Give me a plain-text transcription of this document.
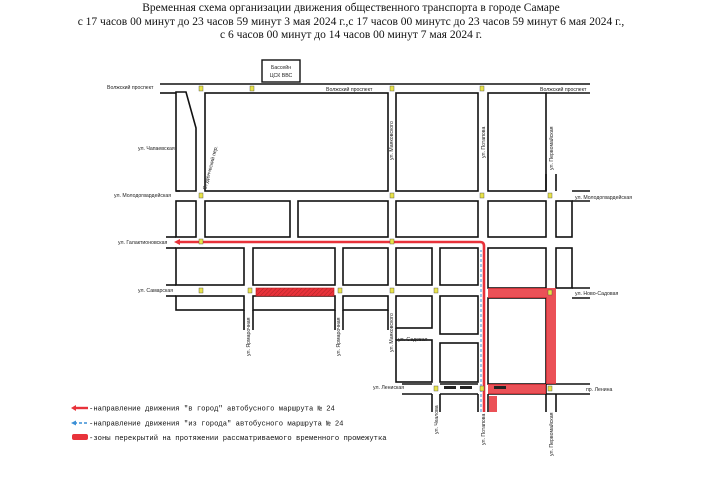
Временная схема организации движения общественного транспорта в городе Самаре
с 17 часов 00 минут до 23 часов 59 минут 3 мая 2024 г.,с 17 часов 00 минутс до 23 часов 59 минут 6 мая 2024 г.,
с 6 часов 00 минут до 14 часов 00 минут 7 мая 2024 г.
Бассейн
ЦСК ВВС
Волжский проспект	Волжский проспект	Волжский проспект
ул. Чапаевская
ул. Молодогвардейская	ул. Молодогвардейская
ул. Галактионовская
ул. Самарская	ул. Ново-Садовая
ул. Садовая
ул. Лениская	пр. Ленина
Студенческий пер.
ул. Маяковского
ул. Маяковского
ул. Потапова
ул. Потапова
ул. Первомайская
ул. Первомайская
ул. Ярмарочная	ул. Ярмарочная
ул. Чкалова
-направление движения "в город" автобусного маршрута № 24
-направление движения "из города" автобусного маршрута № 24
-зоны перекрытий на протяжении рассматриваемого временного промежутка
